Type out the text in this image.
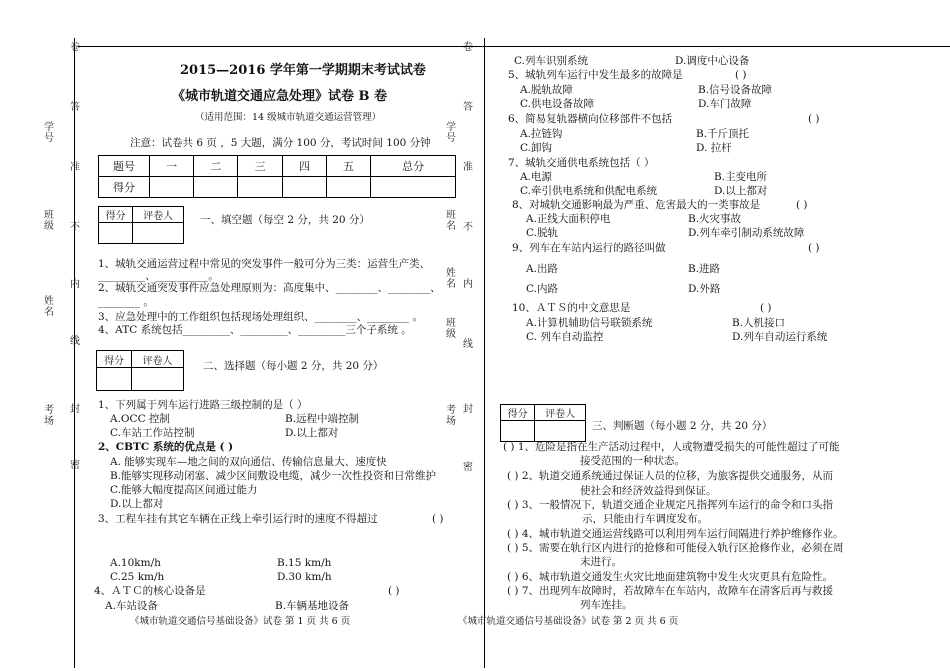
卷
答
准
不
内
线
封
密
学号
班级
姓名
考场
卷
答
准
不
内
线
封
密
学号
班名
姓名
班级
考场
2015—2016 学年第一学期期末考试试卷
《城市轨道交通应急处理》试卷 B 卷
（适用范围：14 级城市轨道交通运营管理）
注意：试卷共 6 页 ，5 大题，满分 100 分，考试时间 100 分钟
题号	一	二	三	四	五	总分
得分						
得分	评卷人
		一、填空题（每空 2 分，共 20 分）
1、城轨交通运营过程中常见的突发事件一般可分为三类：运营生产类、
_________、__________。
2、城轨交通突发事件应急处理原则为：高度集中、________、________、
________ 。
3、应急处理中的工作组织包括现场处理组织、________、________ 。
4、ATC 系统包括_________、_________、_________三个子系统 。
得分	评卷人
		二、选择题（每小题 2 分，共 20 分）
1、下列属于列车运行进路三级控制的是（ ）
A.OCC 控制	B.远程中端控制
C.车站工作站控制	D.以上都对
2、CBTC 系统的优点是 ( )
A. 能够实现车—地之间的双向通信、传输信息量大、速度快
B.能够实现移动闭塞、减少区间敷设电缆，减少一次性投资和日常维护
C.能够大幅度提高区间通过能力
D.以上都对
3、工程车挂有其它车辆在正线上牵引运行时的速度不得超过	( )
A.10km/h	B.15 km/h
C.25 km/h	D.30 km/h
4、ＡＴＣ的核心设备是	( )
A.车站设备	B.车辆基地设备
《城市轨道交通信号基础设备》试卷 第 1 页 共 6 页
C.列车识别系统	D.调度中心设备
5、城轨列车运行中发生最多的故障是	( )
A.脱轨故障	B.信号设备故障
C.供电设备故障	D.车门故障
6、简易复轨器横向位移部件不包括	( )
A.拉链钩	B.千斤顶托
C.卸钩	D. 拉杆
7、城轨交通供电系统包括（ ）
A.电源	B.主变电所
C.牵引供电系统和供配电系统	D.以上都对
8、对城轨交通影响最为严重、危害最大的一类事故是	( )
A.正线大面积停电	B.火灾事故
C.脱轨	D.列车牵引制动系统故障
9、列车在车站内运行的路径叫做	( )
A.出路	B.进路
C.内路	D.外路
10、ＡＴＳ的中文意思是	( )
A.计算机辅助信号联锁系统	B.人机接口
C. 列车自动监控	D.列车自动运行系统
得分	评卷人

三、判断题（每小题 2 分，共 20 分）
( ) 1、危险是指在生产活动过程中，人或物遭受损失的可能性超过了可能
接受范围的一种状态。
( ) 2、轨道交通系统通过保证人员的位移，为旅客提供交通服务，从而
使社会和经济效益得到保证。
( ) 3、一般情况下，轨道交通企业规定凡指挥列车运行的命令和口头指
示，只能由行车调度发布。
( ) 4、城市轨道交通运营线路可以利用列车运行间隔进行养护维修作业。
( ) 5、需要在轨行区内进行的抢修和可能侵入轨行区抢修作业，必须在周
末进行。
( ) 6、城市轨道交通发生火灾比地面建筑物中发生火灾更具有危险性。
( ) 7、出现列车故障时，若故障车在车站内，故障车在清客后再与救援
列车连挂。
《城市轨道交通信号基础设备》试卷 第 2 页 共 6 页
